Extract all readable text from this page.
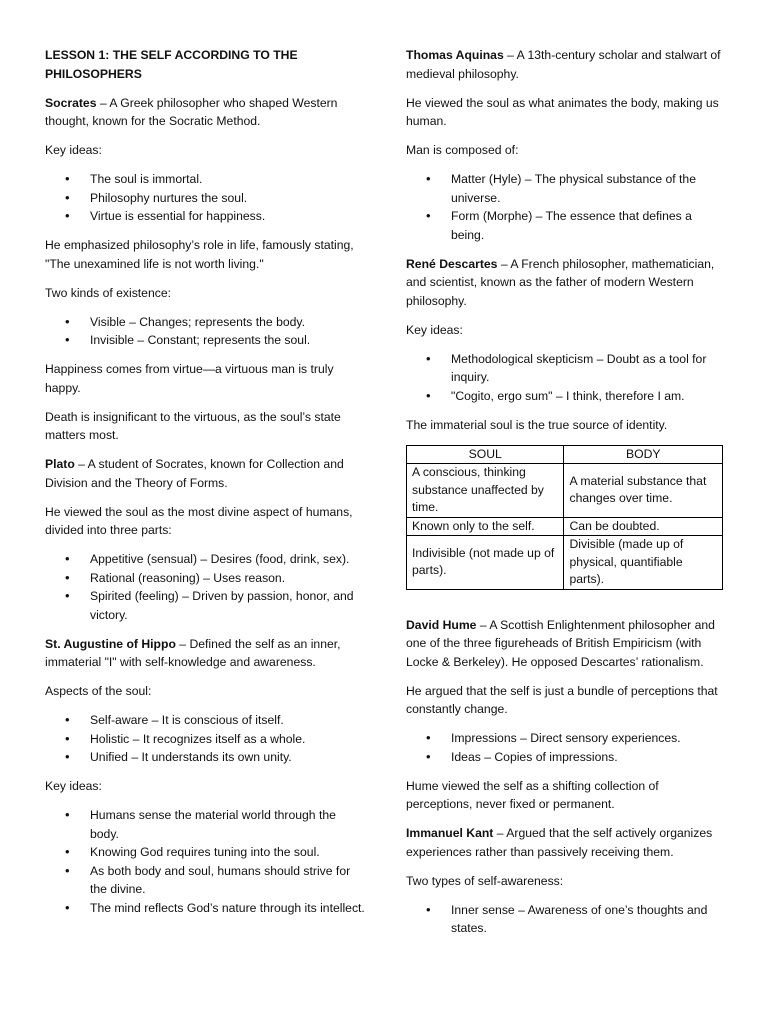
LESSON 1: THE SELF ACCORDING TO THE PHILOSOPHERS

Socrates – A Greek philosopher who shaped Western thought, known for the Socratic Method.

Key ideas:

• The soul is immortal.
• Philosophy nurtures the soul.
• Virtue is essential for happiness.

He emphasized philosophy’s role in life, famously stating, "The unexamined life is not worth living."

Two kinds of existence:

• Visible – Changes; represents the body.
• Invisible – Constant; represents the soul.

Happiness comes from virtue—a virtuous man is truly happy.

Death is insignificant to the virtuous, as the soul’s state matters most.

Plato – A student of Socrates, known for Collection and Division and the Theory of Forms.

He viewed the soul as the most divine aspect of humans, divided into three parts:

• Appetitive (sensual) – Desires (food, drink, sex).
• Rational (reasoning) – Uses reason.
• Spirited (feeling) – Driven by passion, honor, and victory.

St. Augustine of Hippo – Defined the self as an inner, immaterial "I" with self-knowledge and awareness.

Aspects of the soul:

• Self-aware – It is conscious of itself.
• Holistic – It recognizes itself as a whole.
• Unified – It understands its own unity.

Key ideas:

• Humans sense the material world through the body.
• Knowing God requires tuning into the soul.
• As both body and soul, humans should strive for the divine.
• The mind reflects God’s nature through its intellect.

Thomas Aquinas – A 13th-century scholar and stalwart of medieval philosophy.

He viewed the soul as what animates the body, making us human.

Man is composed of:

• Matter (Hyle) – The physical substance of the universe.
• Form (Morphe) – The essence that defines a being.

René Descartes – A French philosopher, mathematician, and scientist, known as the father of modern Western philosophy.

Key ideas:

• Methodological skepticism – Doubt as a tool for inquiry.
• "Cogito, ergo sum" – I think, therefore I am.

The immaterial soul is the true source of identity.

SOUL	BODY
A conscious, thinking substance unaffected by time.	A material substance that changes over time.
Known only to the self.	Can be doubted.
Indivisible (not made up of parts).	Divisible (made up of physical, quantifiable parts).

David Hume – A Scottish Enlightenment philosopher and one of the three figureheads of British Empiricism (with Locke & Berkeley). He opposed Descartes’ rationalism.

He argued that the self is just a bundle of perceptions that constantly change.

• Impressions – Direct sensory experiences.
• Ideas – Copies of impressions.

Hume viewed the self as a shifting collection of perceptions, never fixed or permanent.

Immanuel Kant – Argued that the self actively organizes experiences rather than passively receiving them.

Two types of self-awareness:

• Inner sense – Awareness of one’s thoughts and states.
